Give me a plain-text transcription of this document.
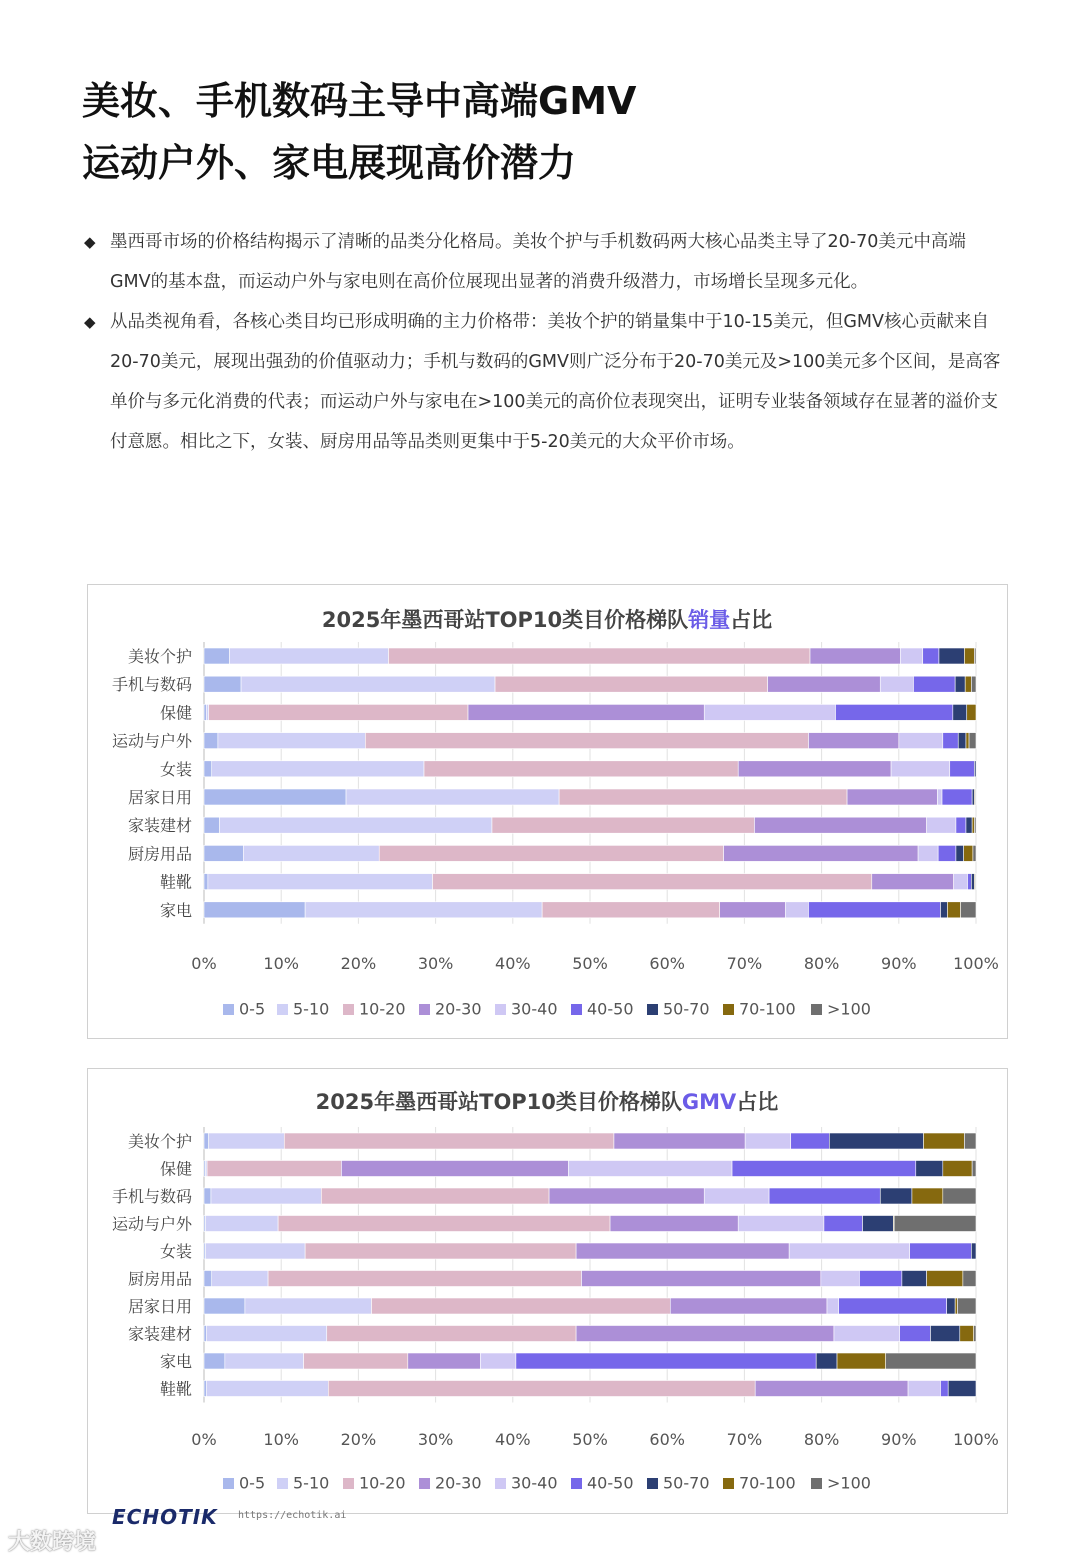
美妆、手机数码主导中高端GMV
运动户外、家电展现高价潜力
◆ 墨西哥市场的价格结构揭示了清晰的品类分化格局。美妆个护与手机数码两大核心品类主导了20-70美元中高端GMV的基本盘，而运动户外与家电则在高价位展现出显著的消费升级潜力，市场增长呈现多元化。
◆ 从品类视角看，各核心类目均已形成明确的主力价格带：美妆个护的销量集中于10-15美元，但GMV核心贡献来自20-70美元，展现出强劲的价值驱动力；手机与数码的GMV则广泛分布于20-70美元及>100美元多个区间，是高客单价与多元化消费的代表；而运动户外与家电在>100美元的高价位表现突出，证明专业装备领域存在显著的溢价支付意愿。相比之下，女装、厨房用品等品类则更集中于5-20美元的大众平价市场。
2025年墨西哥站TOP10类目价格梯队销量占比
0%	10%	20%	30%	40%	50%	60%	70%	80%	90% 100%
美妆个护
手机与数码
保健
运动与户外
女装
居家日用
家装建材
厨房用品
鞋靴
家电
0-5 5-10 10-20 20-30 30-40 40-50 50-70 70-100 >100
2025年墨西哥站TOP10类目价格梯队GMV占比
0%	10%	20%	30%	40%	50%	60%	70%	80%	90% 100%
美妆个护
保健
手机与数码
运动与户外
女装
厨房用品
居家日用
家装建材
家电
鞋靴
0-5 5-10 10-20 20-30 30-40 40-50 50-70 70-100 >100
ECHOTIK https://echotik.ai
大数跨境
